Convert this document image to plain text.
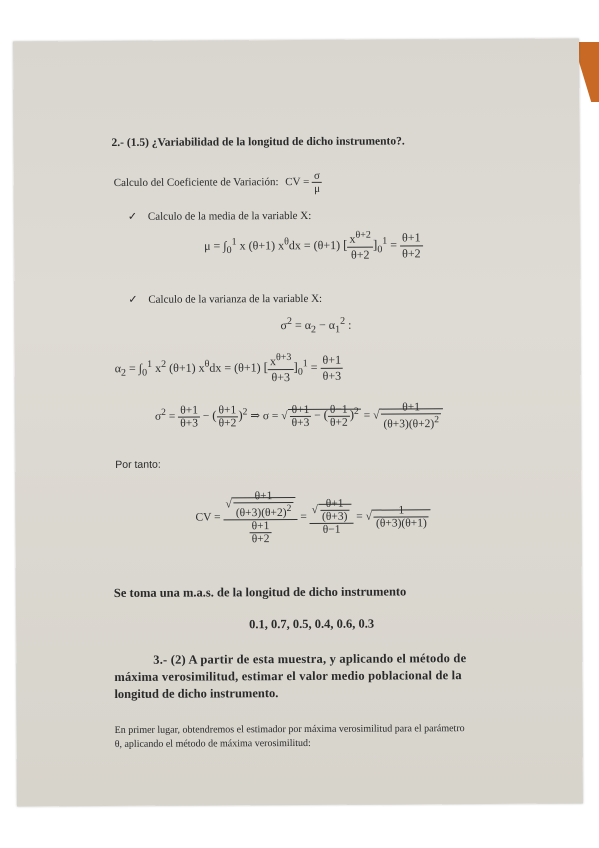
2.- (1.5) ¿Variabilidad de la longitud de dicho instrumento?.
Calculo del Coeficiente de Variación: CV = $\frac{\sigma}{\mu}$
✓ Calculo de la media de la variable X:
$\mu = \int_0^1$ x (θ+1) $x^\theta dx = (\theta+1)$ [ $\frac{x^{\theta+2}}{\theta+2} ]_0^1 = \frac{\theta+1}{\theta+2}$
✓ Calculo de la varianza de la variable X:
$\sigma^2 = \alpha_2 - \alpha_1^2$ :
$\alpha_2 = \int_0^1$ $x^2$ (θ+1) $x^\theta dx = (\theta+1)$ [ $\frac{x^{\theta+3}}{\theta+3} ]_0^1 = \frac{\theta+1}{\theta+3}$
$\sigma^2 = \frac{\theta+1}{\theta+3}$ − ( $\frac{\theta+1}{\theta+2} )^2$ ⇒ σ = √ $\frac{\theta+1}{\theta+3}$ − ( $\frac{\theta-1}{\theta+2} )^2$ = √ $\frac{\theta+1}{(\theta+3)(\theta+2)^2}$
Por tanto:
CV = $\frac{√ \frac{\theta+1}{(\theta+3)(\theta+2)^2}}{\frac{\theta+1}{\theta+2}} = \frac{√ \frac{\theta+1}{(\theta+3)}}{\theta-1}$ = √ $\frac{1}{(\theta+3)(\theta+1)}$
Se toma una m.a.s. de la longitud de dicho instrumento
0.1, 0.7, 0.5, 0.4, 0.6, 0.3
3.- (2) A partir de esta muestra, y aplicando el método de
máxima verosimilitud, estimar el valor medio poblacional de la
longitud de dicho instrumento.
En primer lugar, obtendremos el estimador por máxima verosimilitud para el parámetro
θ, aplicando el método de máxima verosimilitud:
